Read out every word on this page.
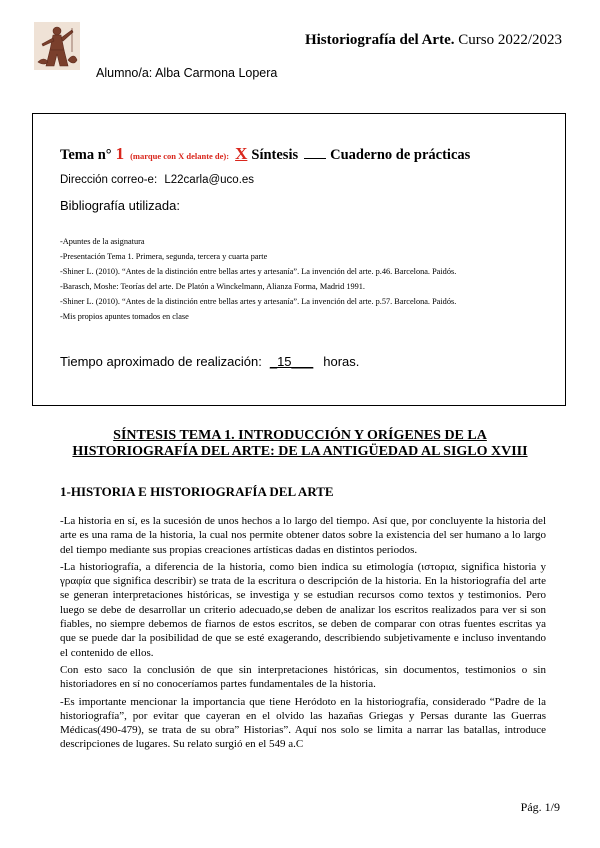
Historiografía del Arte. Curso 2022/2023
Alumno/a: Alba Carmona Lopera
Tema n° 1 (marque con X delante de): X Síntesis Cuaderno de prácticas
Dirección correo-e: L22carla@uco.es
Bibliografía utilizada:
-Apuntes de la asignatura
-Presentación Tema 1. Primera, segunda, tercera y cuarta parte
-Shiner L. (2010). “Antes de la distinción entre bellas artes y artesanía”. La invención del arte. p.46. Barcelona. Paidós.
-Barasch, Moshe: Teorías del arte. De Platón a Winckelmann, Alianza Forma, Madrid 1991.
-Shiner L. (2010). “Antes de la distinción entre bellas artes y artesanía”. La invención del arte. p.57. Barcelona. Paidós.
-Mis propios apuntes tomados en clase
Tiempo aproximado de realización: _15___ horas.
SÍNTESIS TEMA 1. INTRODUCCIÓN Y ORÍGENES DE LA
HISTORIOGRAFÍA DEL ARTE: DE LA ANTIGÜEDAD AL SIGLO XVIII
1-HISTORIA E HISTORIOGRAFÍA DEL ARTE

-La historia en sí, es la sucesión de unos hechos a lo largo del tiempo. Así que, por concluyente la historia del arte es una rama de la historia, la cual nos permite obtener datos sobre la existencia del ser humano a lo largo del tiempo mediante sus propias creaciones artísticas dadas en distintos periodos.

-La historiografía, a diferencia de la historia, como bien indica su etimología (ιστορια, significa historia y γραφία que significa describir) se trata de la escritura o descripción de la historia. En la historiografía del arte se generan interpretaciones históricas, se investiga y se estudian recursos como textos y testimonios. Pero luego se debe de desarrollar un criterio adecuado,se deben de analizar los escritos realizados para ver si son fiables, no siempre debemos de fiarnos de estos escritos, se deben de comparar con otras fuentes escritas ya que se puede dar la posibilidad de que se esté exagerando, describiendo subjetivamente e incluso inventando el contenido de ellos.

Con esto saco la conclusión de que sin interpretaciones históricas, sin documentos, testimonios o sin historiadores en sí no conoceríamos partes fundamentales de la historia.

-Es importante mencionar la importancia que tiene Heródoto en la historiografía, considerado “Padre de la historiografía”, por evitar que cayeran en el olvido las hazañas Griegas y Persas durante las Guerras Médicas(490-479), se trata de su obra” Historias”. Aquí nos solo se limita a narrar las batallas, introduce descripciones de lugares. Su relato surgió en el 549 a.C

Pág. 1/9
